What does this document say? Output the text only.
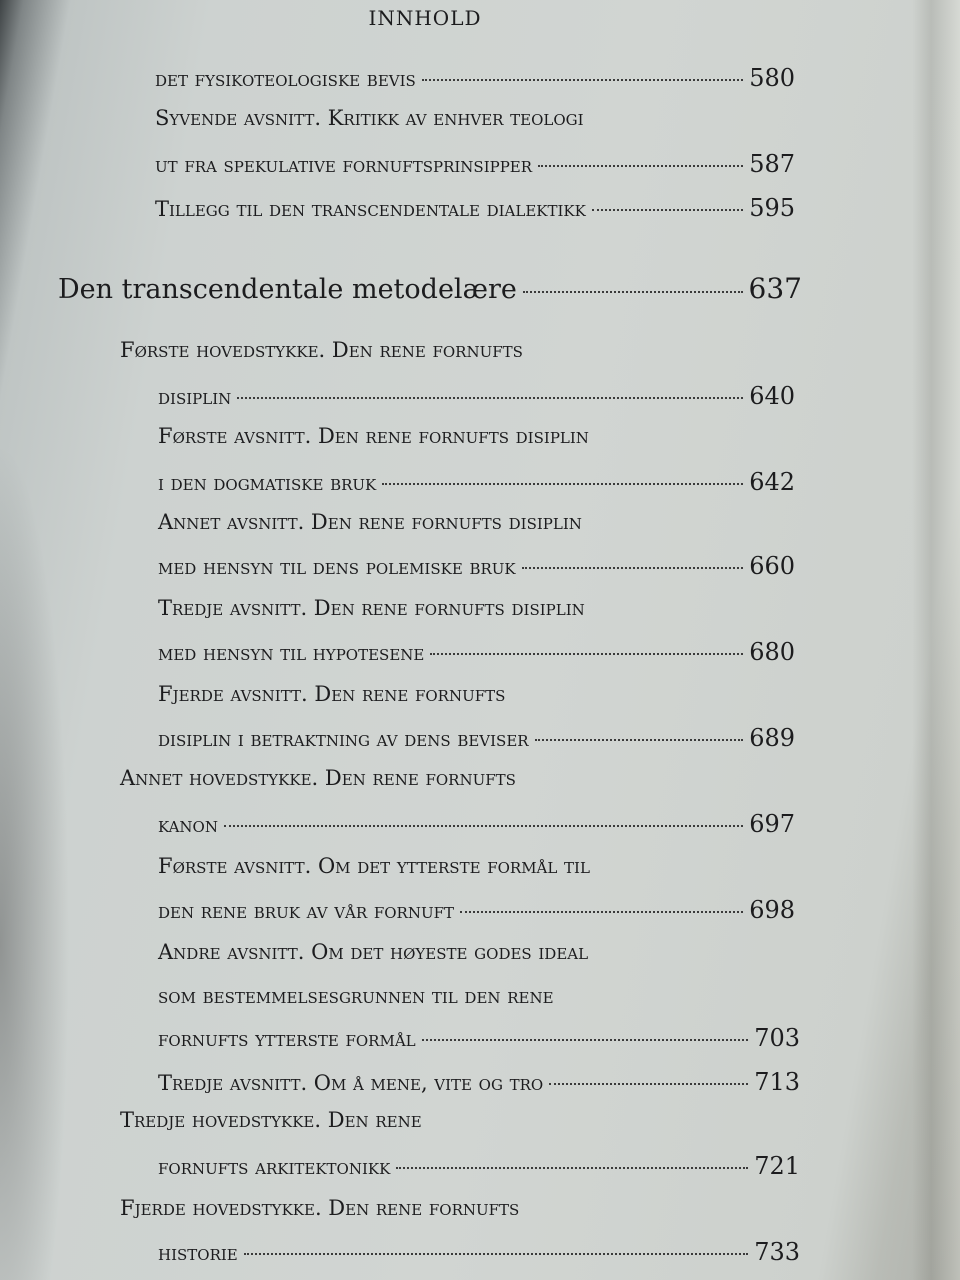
INNHOLD
det fysikoteologiske bevis	580
Syvende avsnitt. Kritikk av enhver teologi
ut fra spekulative fornuftsprinsipper	587
Tillegg til den transcendentale dialektikk	595
Den transcendentale metodelære	637
Første hovedstykke. Den rene fornufts
disiplin	640
Første avsnitt. Den rene fornufts disiplin
i den dogmatiske bruk	642
Annet avsnitt. Den rene fornufts disiplin
med hensyn til dens polemiske bruk	660
Tredje avsnitt. Den rene fornufts disiplin
med hensyn til hypotesene	680
Fjerde avsnitt. Den rene fornufts
disiplin i betraktning av dens beviser	689
Annet hovedstykke. Den rene fornufts
kanon	697
Første avsnitt. Om det ytterste formål til
den rene bruk av vår fornuft	698
Andre avsnitt. Om det høyeste godes ideal
som bestemmelsesgrunnen til den rene
fornufts ytterste formål	703
Tredje avsnitt. Om å mene, vite og tro	713
Tredje hovedstykke. Den rene
fornufts arkitektonikk	721
Fjerde hovedstykke. Den rene fornufts
historie	733
